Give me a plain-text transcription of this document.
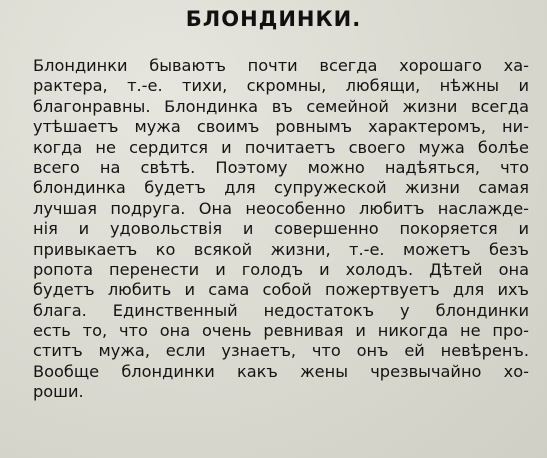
БЛОНДИНКИ.
Блондинки бываютъ почти всегда хорошаго ха-
рактера, т.-е. тихи, скромны, любящи, нѣжны и
благонравны. Блондинка въ семейной жизни всегда
утѣшаетъ мужа своимъ ровнымъ характеромъ, ни-
когда не сердится и почитаетъ своего мужа болѣе
всего на свѣтѣ. Поэтому можно надѣяться, что
блондинка будетъ для супружеской жизни самая
лучшая подруга. Она неособенно любитъ наслажде-
нія и удовольствія и совершенно покоряется и
привыкаетъ ко всякой жизни, т.-е. можетъ безъ
ропота перенести и голодъ и холодъ. Дѣтей она
будетъ любить и сама собой пожертвуетъ для ихъ
блага. Единственный недостатокъ у блондинки
есть то, что она очень ревнивая и никогда не про-
ститъ мужа, если узнаетъ, что онъ ей невѣренъ.
Вообще блондинки какъ жены чрезвычайно хо-
роши.
